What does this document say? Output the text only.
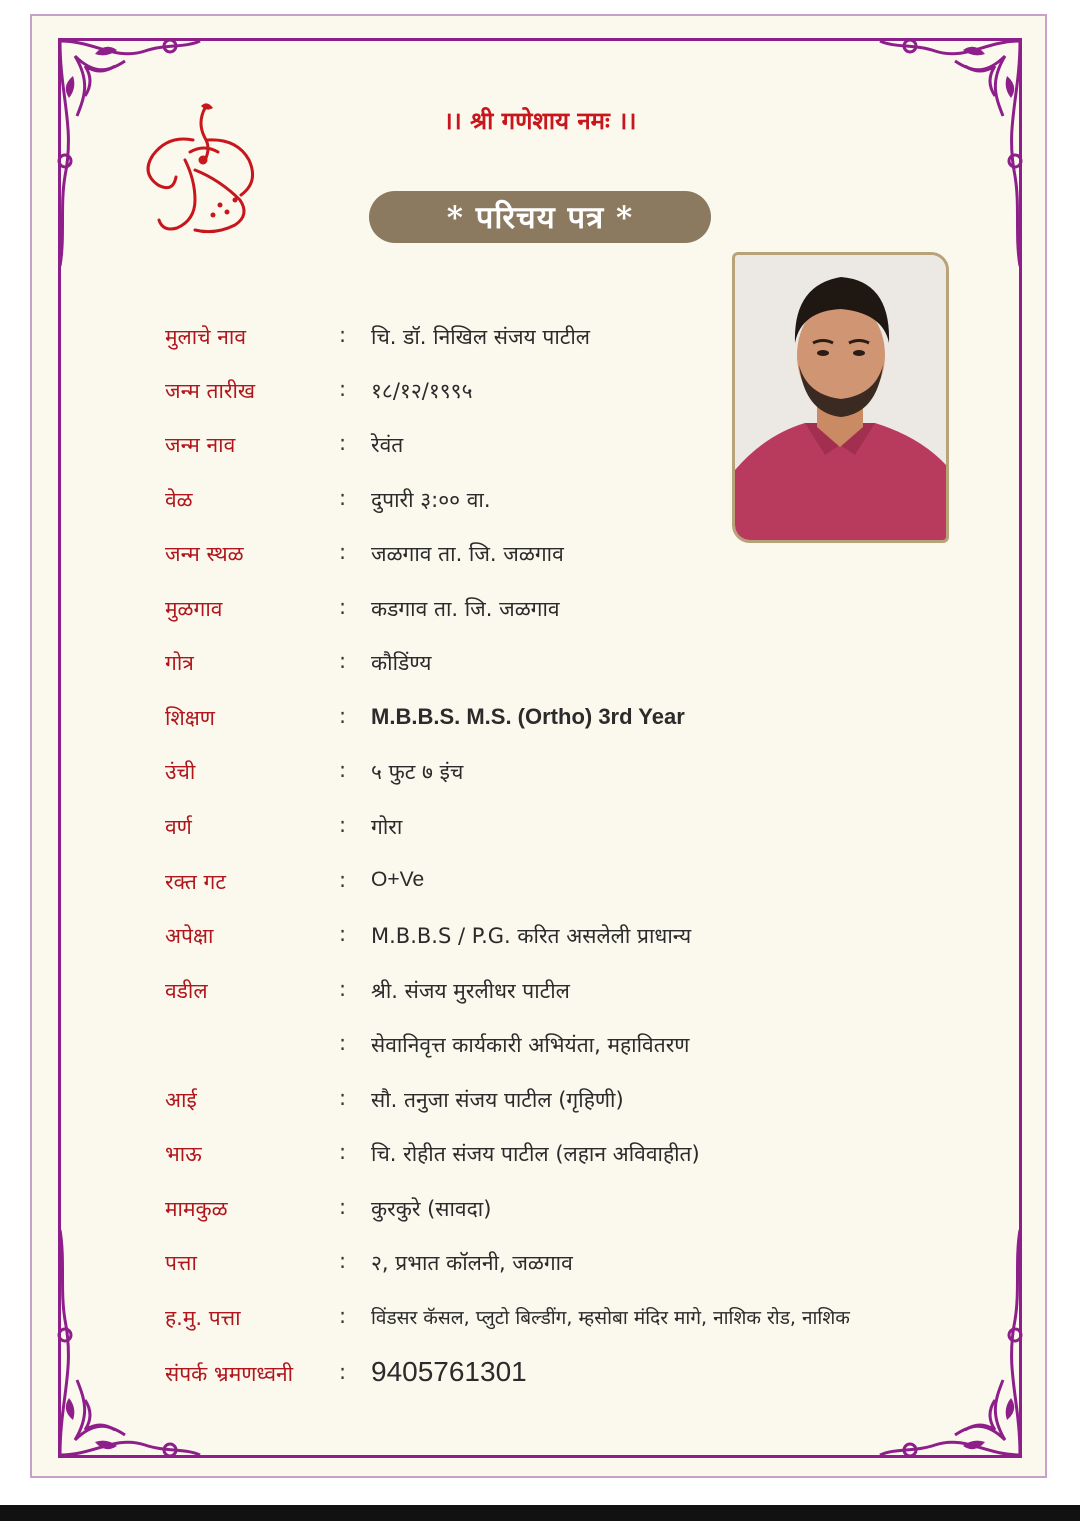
।। श्री गणेशाय नमः ।।
* परिचय पत्र *
मुलाचे नाव	: चि. डॉ. निखिल संजय पाटील
जन्म तारीख	: १८/१२/१९९५
जन्म नाव	: रेवंत
वेळ	: दुपारी ३:०० वा.
जन्म स्थळ	: जळगाव ता. जि. जळगाव
मुळगाव	: कडगाव ता. जि. जळगाव
गोत्र	: कौडिंण्य
शिक्षण	: M.B.B.S. M.S. (Ortho) 3rd Year
उंची	: ५ फुट ७ इंच
वर्ण	: गोरा
रक्त गट	: O+Ve
अपेक्षा	: M.B.B.S / P.G. करित असलेली प्राधान्य
वडील	: श्री. संजय मुरलीधर पाटील
: सेवानिवृत्त कार्यकारी अभियंता, महावितरण
आई	: सौ. तनुजा संजय पाटील (गृहिणी)
भाऊ	: चि. रोहीत संजय पाटील (लहान अविवाहीत)
मामकुळ	: कुरकुरे (सावदा)
पत्ता	: २, प्रभात कॉलनी, जळगाव
ह.मु. पत्ता	: विंडसर कॅसल, प्लुटो बिल्डींग, म्हसोबा मंदिर मागे, नाशिक रोड, नाशिक
संपर्क भ्रमणध्वनी : 9405761301
